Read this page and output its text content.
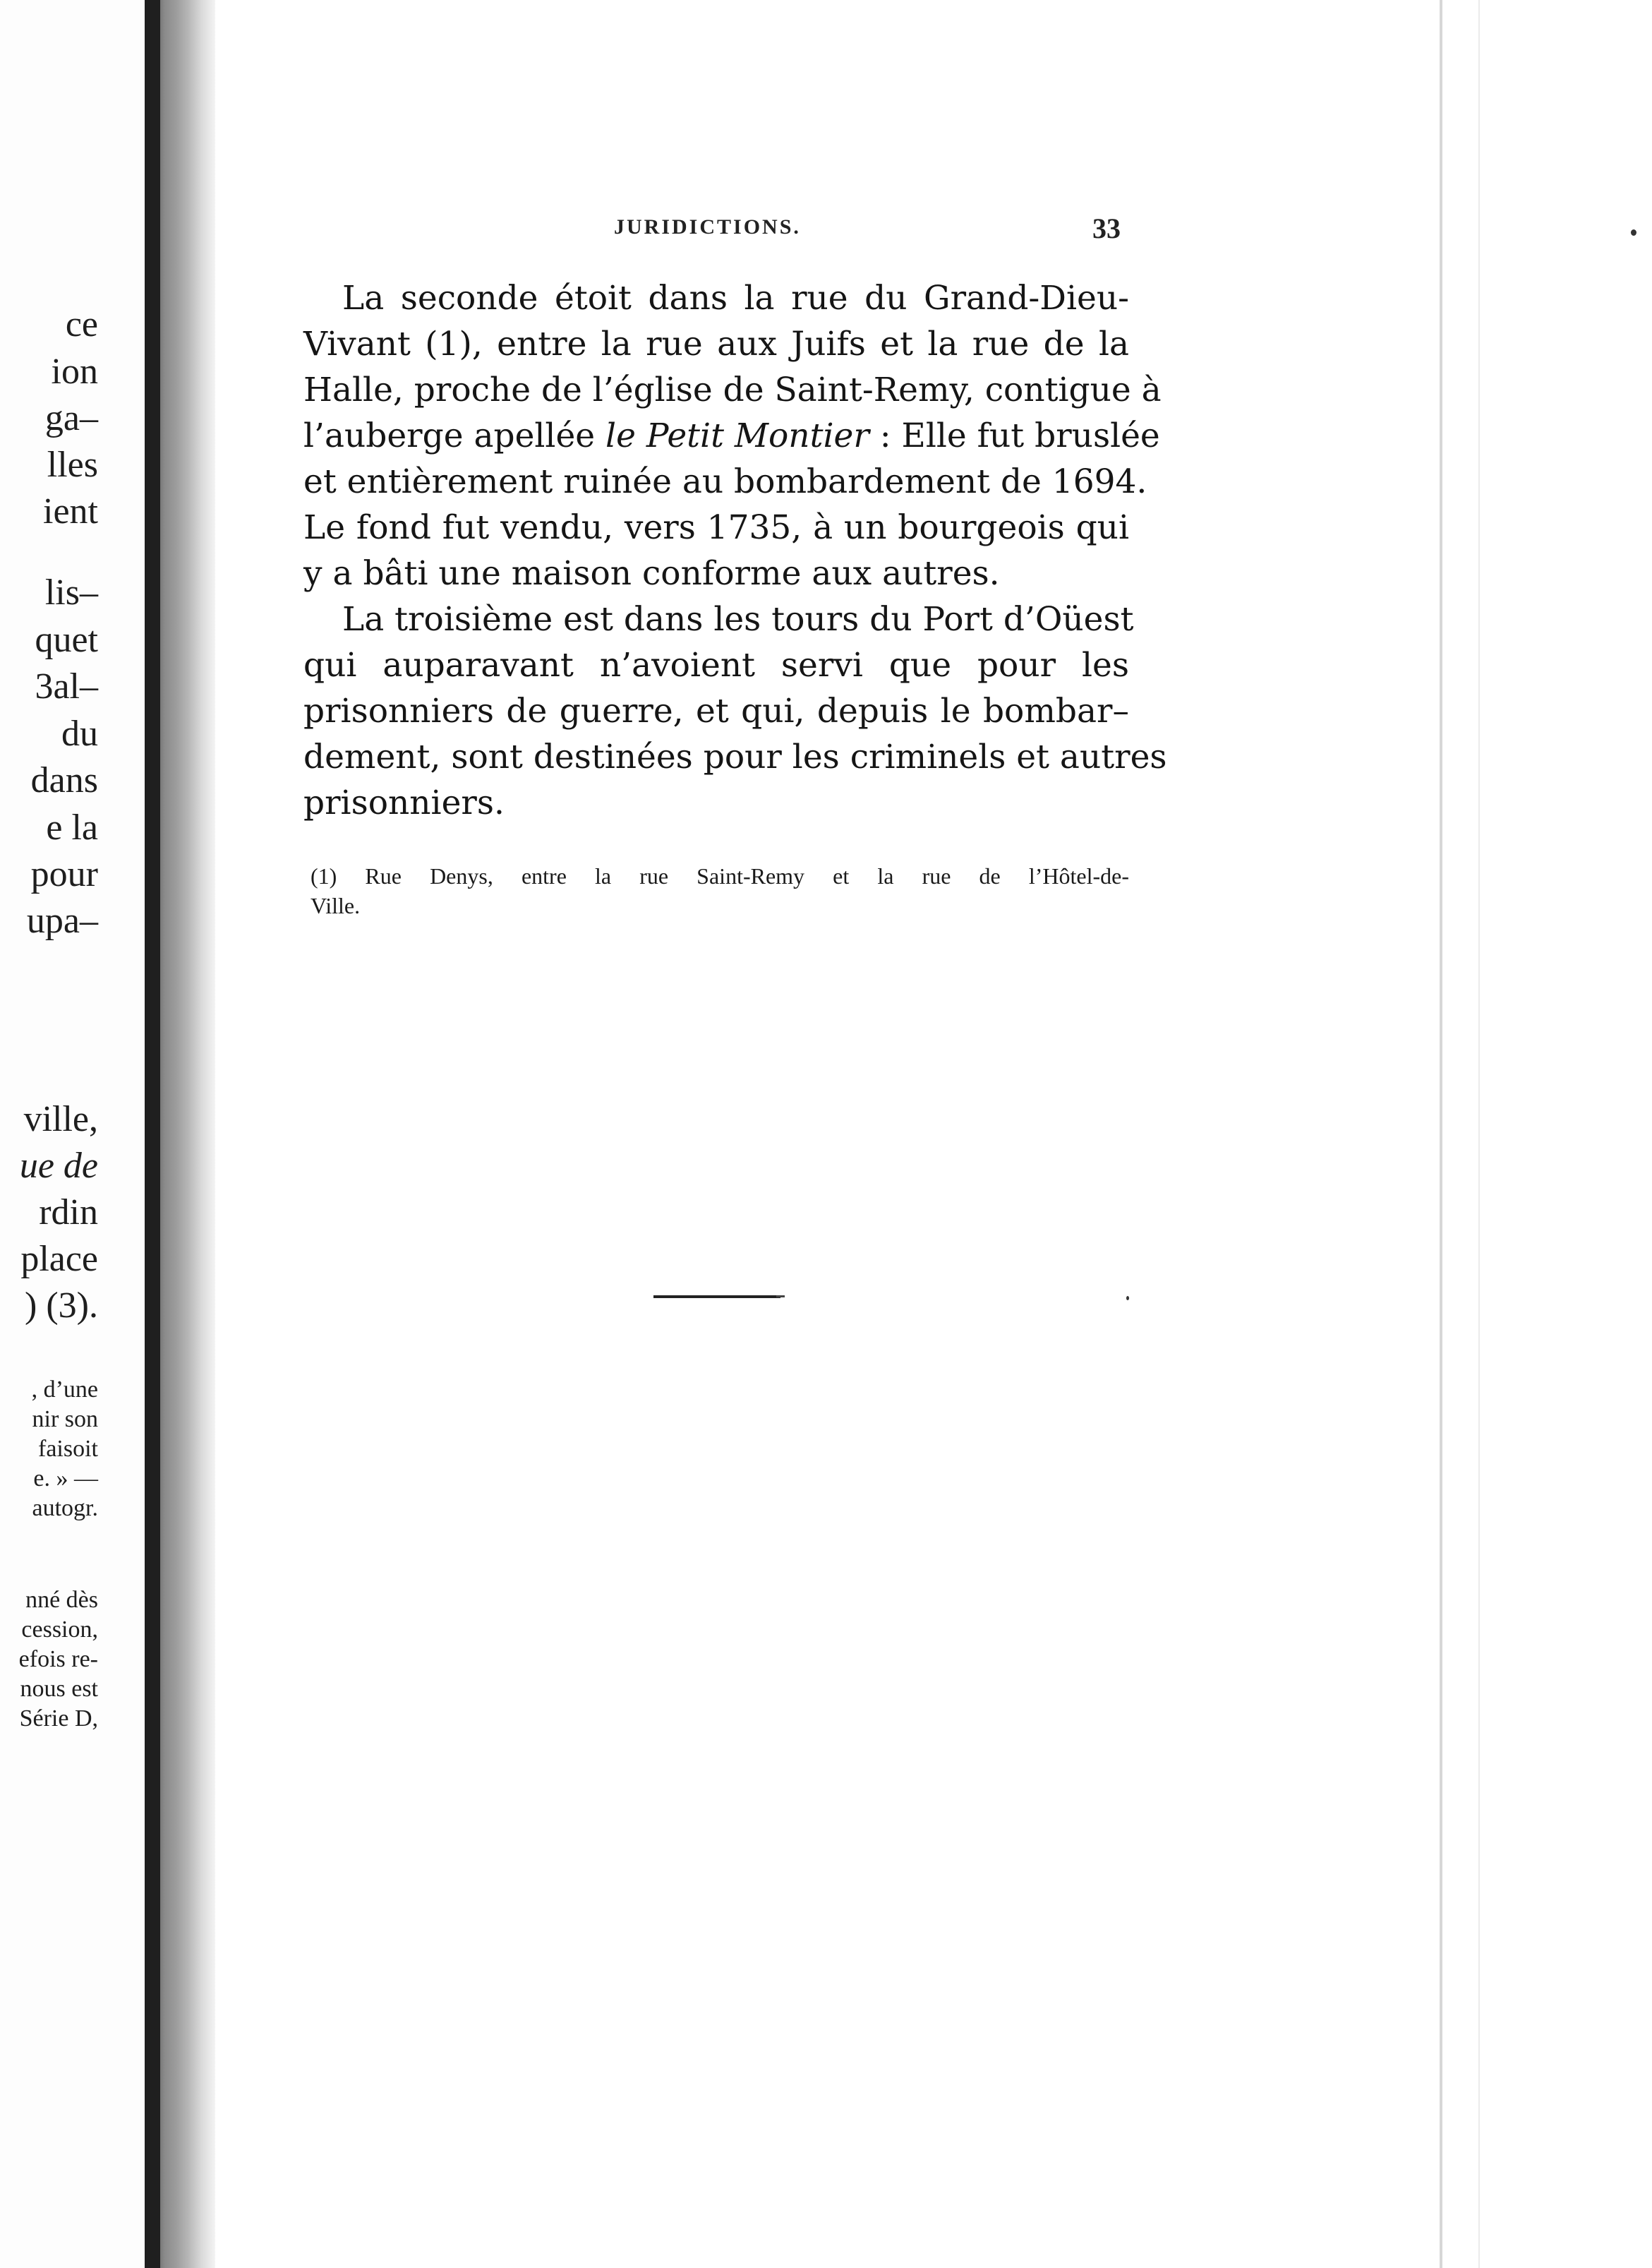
ce
ion
ga–
lles
ient
lis–
quet
3al–
du
dans
e la
pour
upa–
ville,
ue de
rdin
place
) (3).
, d’une
nir son
faisoit
e. » —
autogr.
nné dès
cession,
efois re-
nous est
Série D,
JURIDICTIONS.	33
La seconde étoit dans la rue du Grand-Dieu-
Vivant (1), entre la rue aux Juifs et la rue de la
Halle, proche de l’église de Saint-Remy, contigue à
l’auberge apellée le Petit Montier : Elle fut bruslée
et entièrement ruinée au bombardement de 1694.
Le fond fut vendu, vers 1735, à un bourgeois qui
y a bâti une maison conforme aux autres.
La troisième est dans les tours du Port d’Oüest
qui auparavant n’avoient servi que pour les
prisonniers de guerre, et qui, depuis le bombar–
dement, sont destinées pour les criminels et autres
prisonniers.
(1) Rue Denys, entre la rue Saint-Remy et la rue de l’Hôtel-de-
Ville.
